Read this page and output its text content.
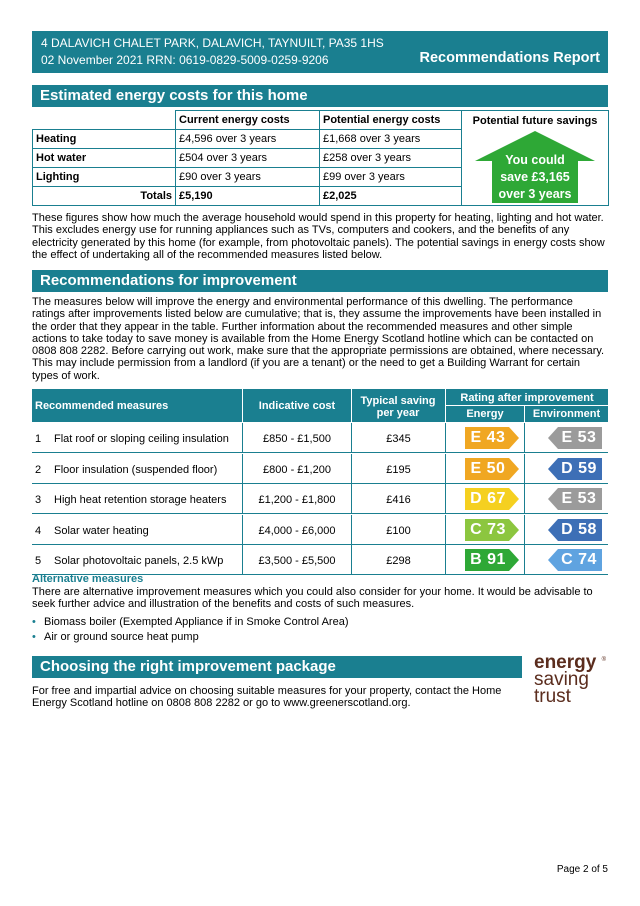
4 DALAVICH CHALET PARK, DALAVICH, TAYNUILT, PA35 1HS
02 November 2021 RRN: 0619-0829-5009-0259-9206	Recommendations Report
Estimated energy costs for this home
	Current energy costs	Potential energy costs	Potential future savings
You could
save £3,165
over 3 years

Heating	£4,596 over 3 years	£1,668 over 3 years	
Hot water	£504 over 3 years	£258 over 3 years	
Lighting	£90 over 3 years	£99 over 3 years	
Totals	£5,190	£2,025	
These figures show how much the average household would spend in this property for heating, lighting and hot water. This excludes energy use for running appliances such as TVs, computers and cookers, and the benefits of any electricity generated by this home (for example, from photovoltaic panels). The potential savings in energy costs show the effect of undertaking all of the recommended measures listed below.
Recommendations for improvement
The measures below will improve the energy and environmental performance of this dwelling. The performance ratings after improvements listed below are cumulative; that is, they assume the improvements have been installed in the order that they appear in the table. Further information about the recommended measures and other simple actions to take today to save money is available from the Home Energy Scotland hotline which can be contacted on 0808 808 2282. Before carrying out work, make sure that the appropriate permissions are obtained, where necessary. This may include permission from a landlord (if you are a tenant) or the need to get a Building Warrant for certain types of work.
Recommended measures	Indicative cost	Typical saving per year
Rating after improvement
Energy	Environment
1 Flat roof or sloping ceiling insulation	£850 - £1,500	£345	E 43	E 53
2 Floor insulation (suspended floor)	£800 - £1,200	£195	E 50	D 59
3 High heat retention storage heaters	£1,200 - £1,800	£416	D 67	E 53
4 Solar water heating	£4,000 - £6,000	£100	C 73	D 58
5 Solar photovoltaic panels, 2.5 kWp	£3,500 - £5,500	£298	B 91	C 74
Alternative measures
There are alternative improvement measures which you could also consider for your home. It would be advisable to seek further advice and illustration of the benefits and costs of such measures.
• Biomass boiler (Exempted Appliance if in Smoke Control Area)
• Air or ground source heat pump
Choosing the right improvement package
For free and impartial advice on choosing suitable measures for your property, contact the Home Energy Scotland hotline on 0808 808 2282 or go to www.greenerscotland.org.
®
energy
saving
trust
Page 2 of 5
